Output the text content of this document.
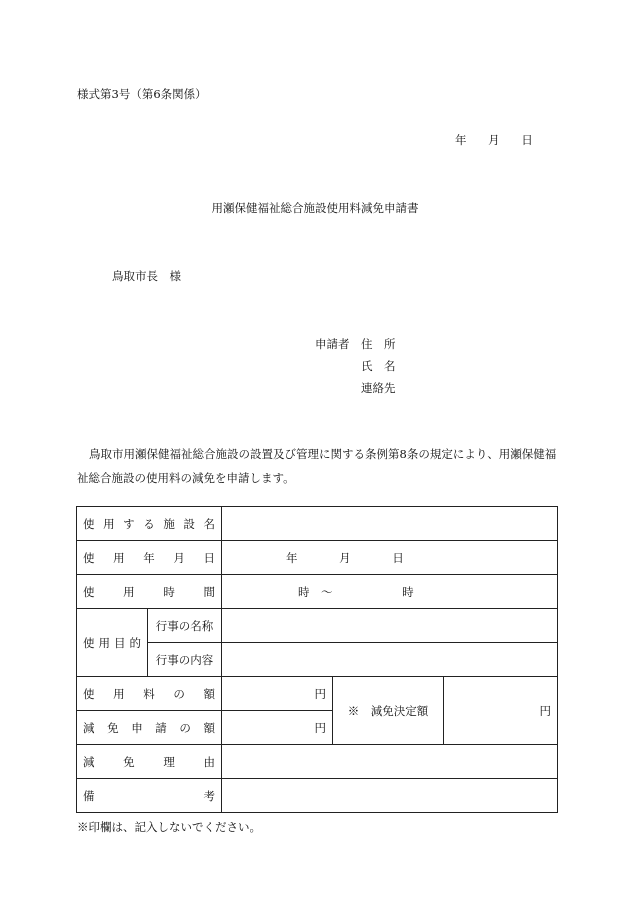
様式第3号（第6条関係）
年 月 日
用瀬保健福祉総合施設使用料減免申請書
鳥取市長　様
申請者	住　所
氏　名
連絡先
鳥取市用瀬保健福祉総合施設の設置及び管理に関する条例第8条の規定により、用瀬保健福祉総合施設の使用料の減免を申請します。
使用する施設名				
使用年月日		年 月 日		
使用時間		時　～ 時		
使用目的	行事の名称			
	行事の内容			
使用料の額		円	※　減免決定額	円
減免申請の額		円		
減免理由				
備考				
※印欄は、記入しないでください。
